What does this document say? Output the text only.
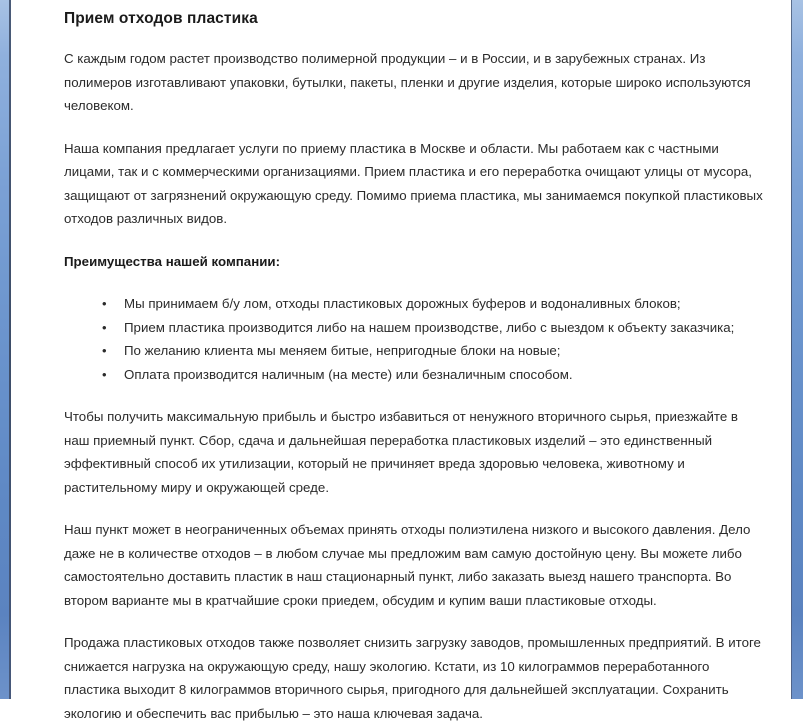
Прием отходов пластика

С каждым годом растет производство полимерной продукции – и в России, и в зарубежных странах. Из полимеров изготавливают упаковки, бутылки, пакеты, пленки и другие изделия, которые широко используются человеком.

Наша компания предлагает услуги по приему пластика в Москве и области. Мы работаем как с частными лицами, так и с коммерческими организациями. Прием пластика и его переработка очищают улицы от мусора, защищают от загрязнений окружающую среду. Помимо приема пластика, мы занимаемся покупкой пластиковых отходов различных видов.

Преимущества нашей компании:

•	Мы принимаем б/у лом, отходы пластиковых дорожных буферов и водоналивных блоков;
•	Прием пластика производится либо на нашем производстве, либо с выездом к объекту заказчика;
•	По желанию клиента мы меняем битые, непригодные блоки на новые;
•	Оплата производится наличным (на месте) или безналичным способом.

Чтобы получить максимальную прибыль и быстро избавиться от ненужного вторичного сырья, приезжайте в наш приемный пункт. Сбор, сдача и дальнейшая переработка пластиковых изделий – это единственный эффективный способ их утилизации, который не причиняет вреда здоровью человека, животному и растительному миру и окружающей среде.

Наш пункт может в неограниченных объемах принять отходы полиэтилена низкого и высокого давления. Дело даже не в количестве отходов – в любом случае мы предложим вам самую достойную цену. Вы можете либо самостоятельно доставить пластик в наш стационарный пункт, либо заказать выезд нашего транспорта. Во втором варианте мы в кратчайшие сроки приедем, обсудим и купим ваши пластиковые отходы.

Продажа пластиковых отходов также позволяет снизить загрузку заводов, промышленных предприятий. В итоге снижается нагрузка на окружающую среду, нашу экологию. Кстати, из 10 килограммов переработанного пластика выходит 8 килограммов вторичного сырья, пригодного для дальнейшей эксплуатации. Сохранить экологию и обеспечить вас прибылью – это наша ключевая задача.
